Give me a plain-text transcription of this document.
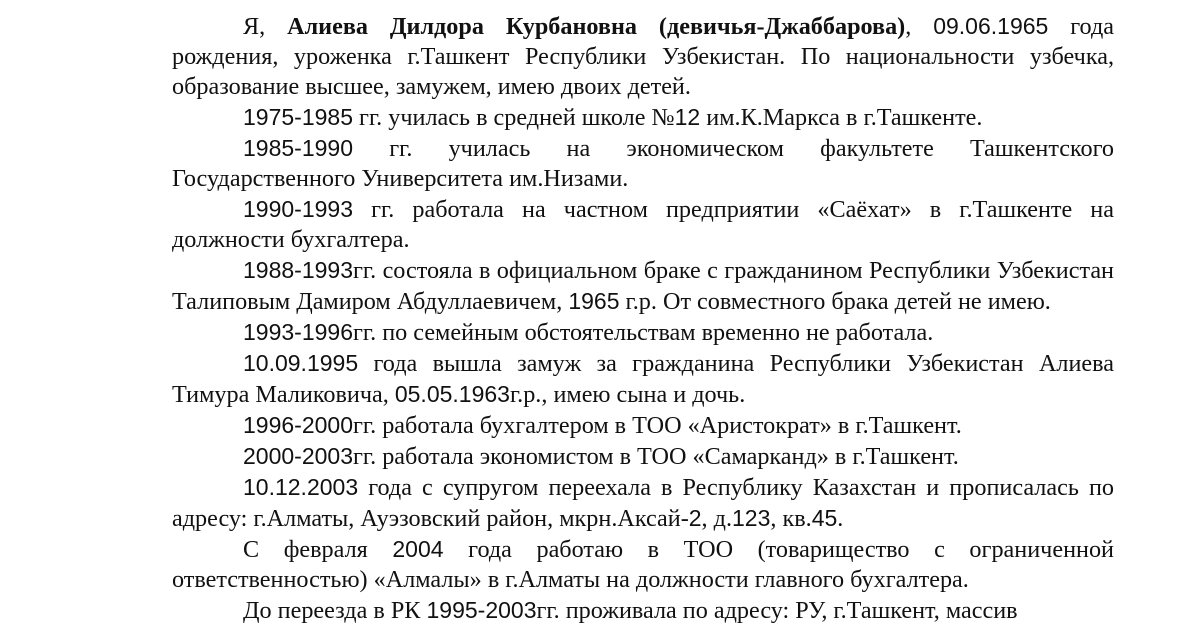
Я, Алиева Дилдора Курбановна (девичья-Джаббарова), 09.06.1965 года рождения, уроженка г.Ташкент Республики Узбекистан. По национальности узбечка, образование высшее, замужем, имею двоих детей.

1975-1985 гг. училась в средней школе №12 им.К.Маркса в г.Ташкенте.

1985-1990 гг. училась на экономическом факультете Ташкентского Государственного Университета им.Низами.

1990-1993 гг. работала на частном предприятии «Саёхат» в г.Ташкенте на должности бухгалтера.

1988-1993гг. состояла в официальном браке с гражданином Республики Узбекистан Талиповым Дамиром Абдуллаевичем, 1965 г.р. От совместного брака детей не имею.

1993-1996гг. по семейным обстоятельствам временно не работала.

10.09.1995 года вышла замуж за гражданина Республики Узбекистан Алиева Тимура Маликовича, 05.05.1963г.р., имею сына и дочь.

1996-2000гг. работала бухгалтером в ТОО «Аристократ» в г.Ташкент.

2000-2003гг. работала экономистом в ТОО «Самарканд» в г.Ташкент.

10.12.2003 года с супругом переехала в Республику Казахстан и прописалась по адресу: г.Алматы, Ауэзовский район, мкрн.Аксай-2, д.123, кв.45.

С февраля 2004 года работаю в ТОО (товарищество с ограниченной ответственностью) «Алмалы» в г.Алматы на должности главного бухгалтера.

До переезда в РК 1995-2003гг. проживала по адресу: РУ, г.Ташкент, массив
